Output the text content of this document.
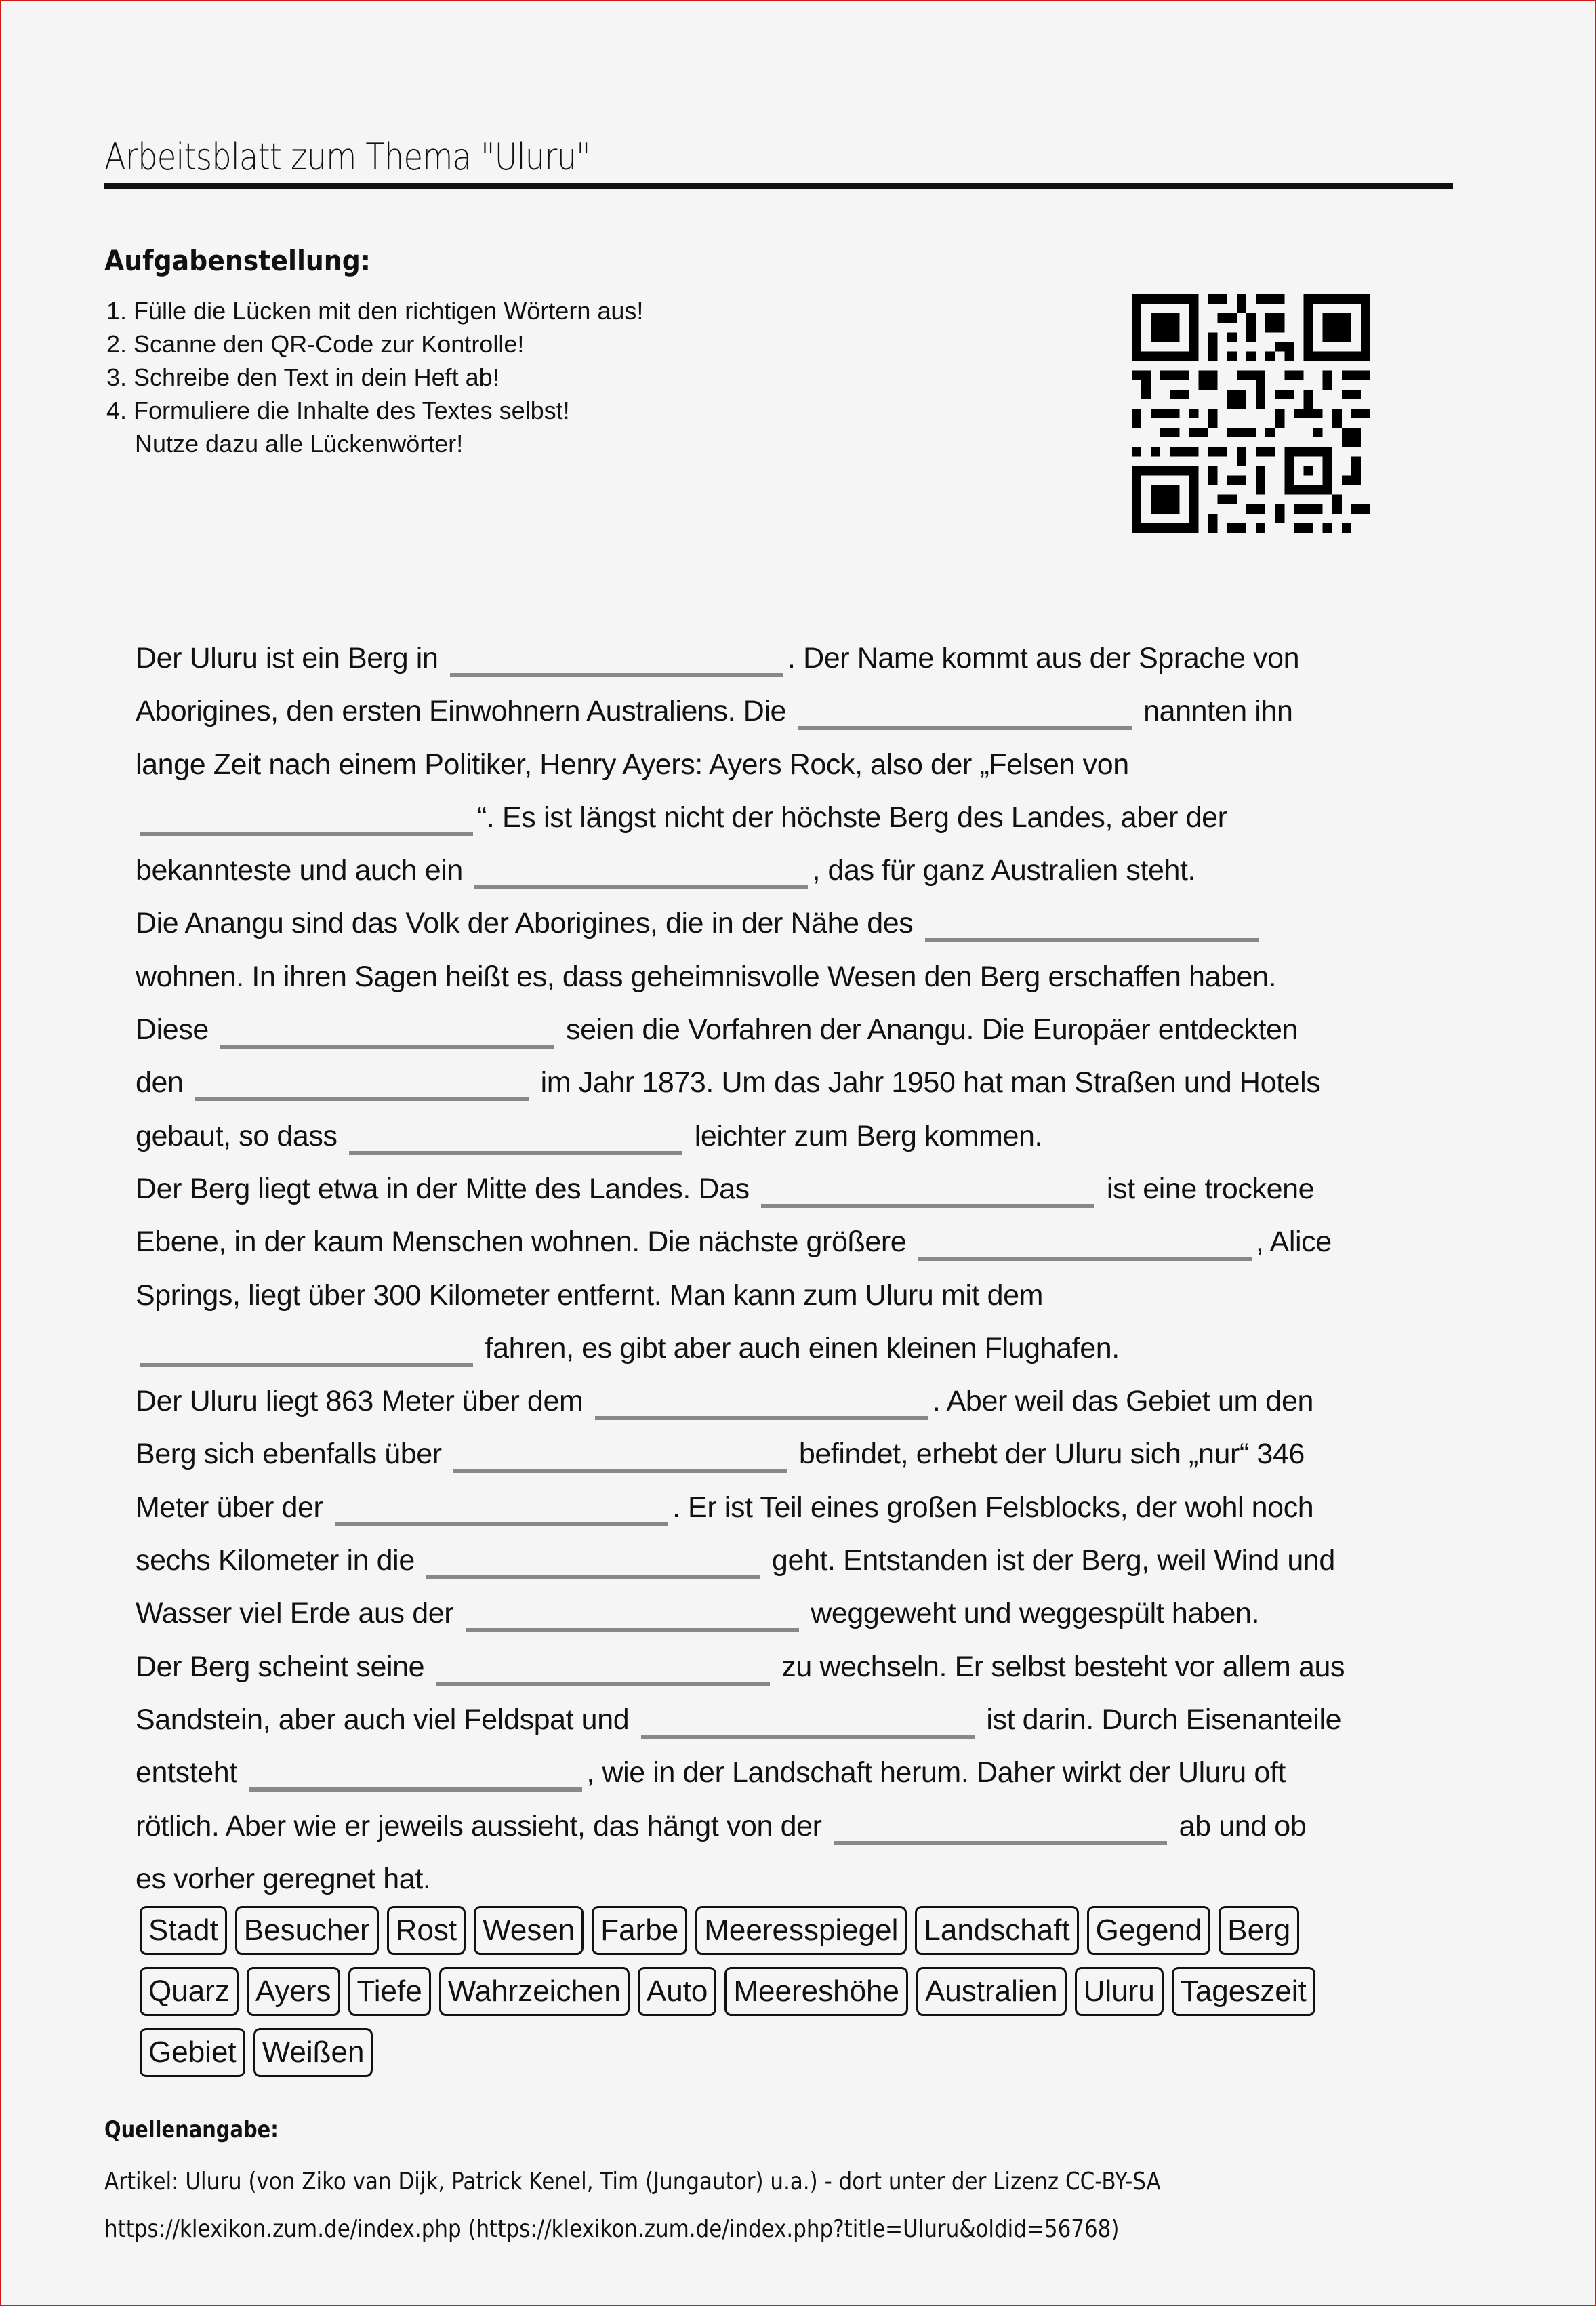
Arbeitsblatt zum Thema "Uluru"
Aufgabenstellung:
1. Fülle die Lücken mit den richtigen Wörtern aus!
2. Scanne den QR-Code zur Kontrolle!
3. Schreibe den Text in dein Heft ab!
4. Formuliere die Inhalte des Textes selbst!
Nutze dazu alle Lückenwörter!
Der Uluru ist ein Berg in	. Der Name kommt aus der Sprache von
Aborigines, den ersten Einwohnern Australiens. Die	nannten ihn
lange Zeit nach einem Politiker, Henry Ayers: Ayers Rock, also der „Felsen von
“. Es ist längst nicht der höchste Berg des Landes, aber der
bekannteste und auch ein	, das für ganz Australien steht.
Die Anangu sind das Volk der Aborigines, die in der Nähe des
wohnen. In ihren Sagen heißt es, dass geheimnisvolle Wesen den Berg erschaffen haben.
Diese	seien die Vorfahren der Anangu. Die Europäer entdeckten
den	im Jahr 1873. Um das Jahr 1950 hat man Straßen und Hotels
gebaut, so dass	leichter zum Berg kommen.
Der Berg liegt etwa in der Mitte des Landes. Das	ist eine trockene
Ebene, in der kaum Menschen wohnen. Die nächste größere	, Alice
Springs, liegt über 300 Kilometer entfernt. Man kann zum Uluru mit dem
fahren, es gibt aber auch einen kleinen Flughafen.
Der Uluru liegt 863 Meter über dem	. Aber weil das Gebiet um den
Berg sich ebenfalls über	befindet, erhebt der Uluru sich „nur“ 346
Meter über der	. Er ist Teil eines großen Felsblocks, der wohl noch
sechs Kilometer in die	geht. Entstanden ist der Berg, weil Wind und
Wasser viel Erde aus der	weggeweht und weggespült haben.
Der Berg scheint seine	zu wechseln. Er selbst besteht vor allem aus
Sandstein, aber auch viel Feldspat und	ist darin. Durch Eisenanteile
entsteht	, wie in der Landschaft herum. Daher wirkt der Uluru oft
rötlich. Aber wie er jeweils aussieht, das hängt von der	ab und ob
es vorher geregnet hat.
Stadt Besucher Rost Wesen Farbe Meeresspiegel Landschaft Gegend Berg
Quarz Ayers Tiefe Wahrzeichen Auto Meereshöhe Australien Uluru Tageszeit
Gebiet Weißen
Quellenangabe:
Artikel: Uluru (von Ziko van Dijk, Patrick Kenel, Tim (Jungautor) u.a.) - dort unter der Lizenz CC-BY-SA
https://klexikon.zum.de/index.php (https://klexikon.zum.de/index.php?title=Uluru&oldid=56768)
